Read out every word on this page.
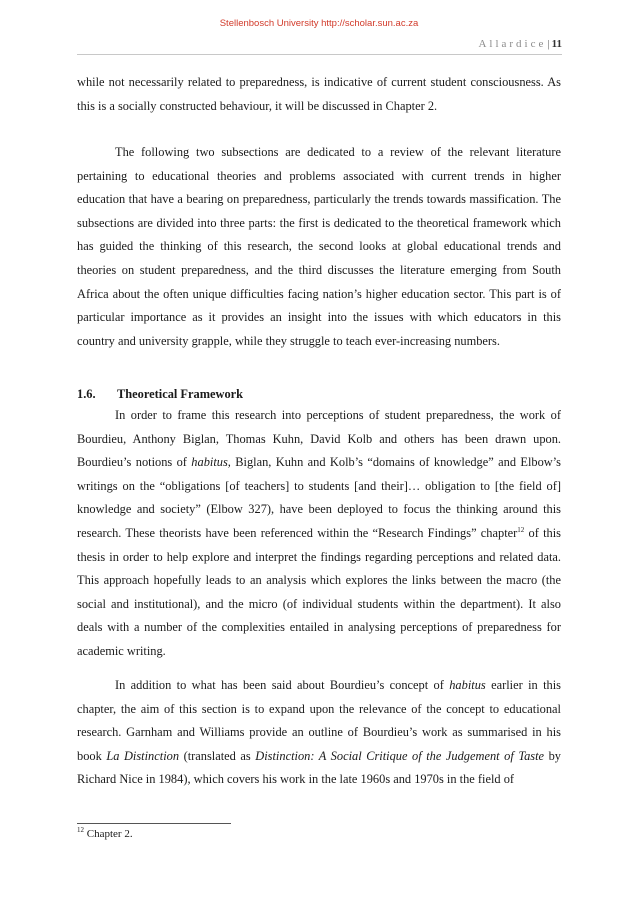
Stellenbosch University http://scholar.sun.ac.za
Allardice| 11

while not necessarily related to preparedness, is indicative of current student consciousness. As this is a socially constructed behaviour, it will be discussed in Chapter 2.

The following two subsections are dedicated to a review of the relevant literature pertaining to educational theories and problems associated with current trends in higher education that have a bearing on preparedness, particularly the trends towards massification. The subsections are divided into three parts: the first is dedicated to the theoretical framework which has guided the thinking of this research, the second looks at global educational trends and theories on student preparedness, and the third discusses the literature emerging from South Africa about the often unique difficulties facing nation’s higher education sector. This part is of particular importance as it provides an insight into the issues with which educators in this country and university grapple, while they struggle to teach ever-increasing numbers.

1.6. Theoretical Framework

In order to frame this research into perceptions of student preparedness, the work of Bourdieu, Anthony Biglan, Thomas Kuhn, David Kolb and others has been drawn upon. Bourdieu’s notions of habitus, Biglan, Kuhn and Kolb’s “domains of knowledge” and Elbow’s writings on the “obligations [of teachers] to students [and their]… obligation to [the field of] knowledge and society” (Elbow 327), have been deployed to focus the thinking around this research. These theorists have been referenced within the “Research Findings” chapter$^{12}$ of this thesis in order to help explore and interpret the findings regarding perceptions and related data. This approach hopefully leads to an analysis which explores the links between the macro (the social and institutional), and the micro (of individual students within the department). It also deals with a number of the complexities entailed in analysing perceptions of preparedness for academic writing.

In addition to what has been said about Bourdieu’s concept of habitus earlier in this chapter, the aim of this section is to expand upon the relevance of the concept to educational research. Garnham and Williams provide an outline of Bourdieu’s work as summarised in his book La Distinction (translated as Distinction: A Social Critique of the Judgement of Taste by Richard Nice in 1984), which covers his work in the late 1960s and 1970s in the field of

$^{12}$ Chapter 2.
